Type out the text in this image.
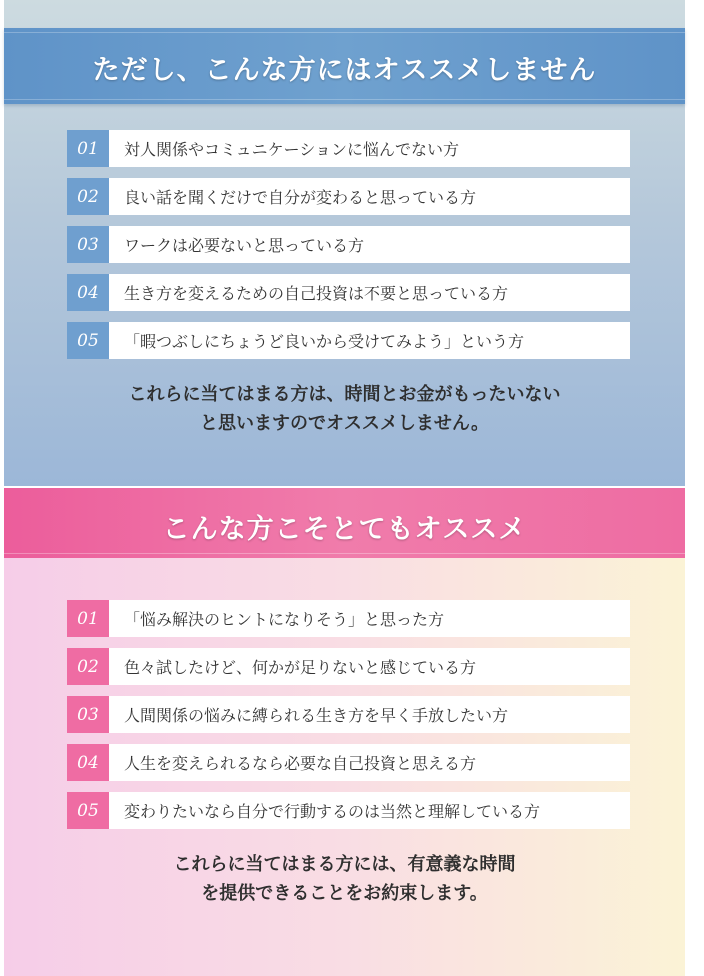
ただし、こんな方にはオススメしません
01	対人関係やコミュニケーションに悩んでない方
02	良い話を聞くだけで自分が変わると思っている方
03	ワークは必要ないと思っている方
04	生き方を変えるための自己投資は不要と思っている方
05	「暇つぶしにちょうど良いから受けてみよう」という方
これらに当てはまる方は、時間とお金がもったいない
と思いますのでオススメしません。
こんな方こそとてもオススメ
01	「悩み解決のヒントになりそう」と思った方
02	色々試したけど、何かが足りないと感じている方
03	人間関係の悩みに縛られる生き方を早く手放したい方
04	人生を変えられるなら必要な自己投資と思える方
05	変わりたいなら自分で行動するのは当然と理解している方
これらに当てはまる方には、有意義な時間
を提供できることをお約束します。
